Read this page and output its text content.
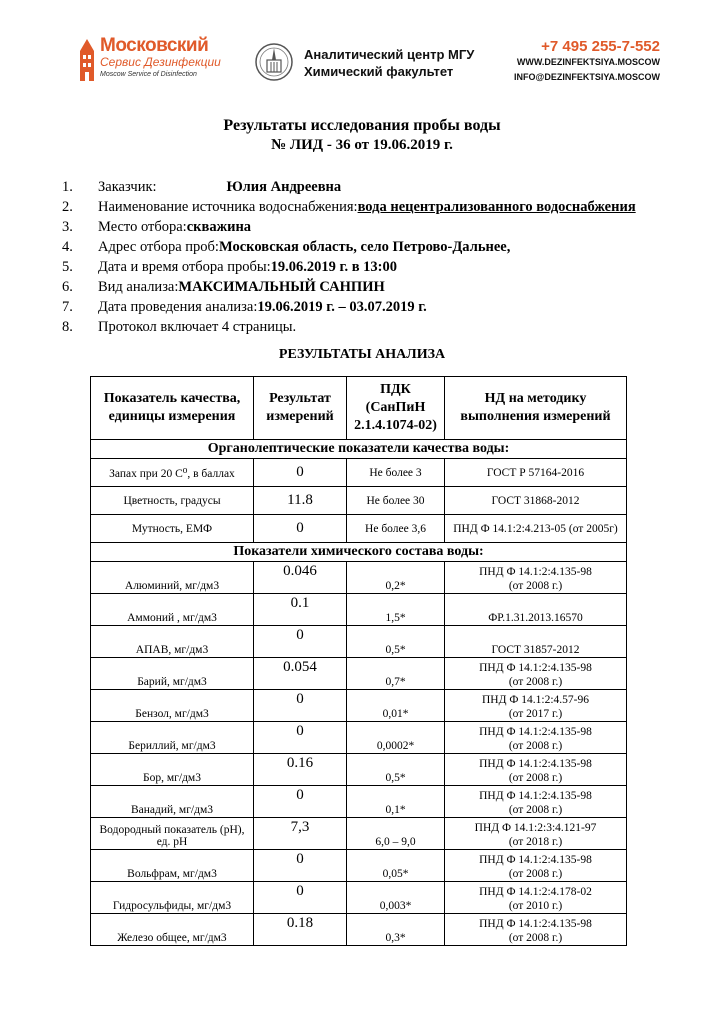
Московский
Сервис Дезинфекции
Moscow Service of Disinfection
Аналитический центр МГУ
Химический факультет
+7 495 255-7-552
WWW.DEZINFEKTSIYA.MOSCOW
INFO@DEZINFEKTSIYA.MOSCOW
Результаты исследования пробы воды
№ ЛИД - 36 от 19.06.2019 г.
1.	Заказчик:	Юлия Андреевна
2.	Наименование источника водоснабжения: вода нецентрализованного водоснабжения
3.	Место отбора: скважина
4.	Адрес отбора проб: Московская область, село Петрово-Дальнее,
5.	Дата и время отбора пробы: 19.06.2019 г. в 13:00
6.	Вид анализа: МАКСИМАЛЬНЫЙ САНПИН
7.	Дата проведения анализа: 19.06.2019 г. – 03.07.2019 г.
8.	Протокол включает 4 страницы.
РЕЗУЛЬТАТЫ АНАЛИЗА
Показатель качества, единицы измерения	Результат измерений	ПДК (СанПиН 2.1.4.1074-02)	НД на методику выполнения измерений
Органолептические показатели качества воды:			
Запах при 20 С⁰, в баллах	0	Не более 3	ГОСТ Р 57164-2016
Цветность, градусы	11.8	Не более 30	ГОСТ 31868-2012
Мутность, ЕМФ	0	Не более 3,6	ПНД Ф 14.1:2:4.213-05 (от 2005г)
Показатели химического состава воды:			
Алюминий, мг/дм3	0.046	0,2*	ПНД Ф 14.1:2:4.135-98
(от 2008 г.)

Аммоний , мг/дм3	0.1	1,5*	ФР.1.31.2013.16570

АПАВ, мг/дм3	0	0,5*	ГОСТ 31857-2012

Барий, мг/дм3	0.054	0,7*	ПНД Ф 14.1:2:4.135-98
(от 2008 г.)

Бензол, мг/дм3	0	0,01*	ПНД Ф 14.1:2:4.57-96
(от 2017 г.)

Бериллий, мг/дм3	0	0,0002*	ПНД Ф 14.1:2:4.135-98
(от 2008 г.)

Бор, мг/дм3	0.16	0,5*	ПНД Ф 14.1:2:4.135-98
(от 2008 г.)

Ванадий, мг/дм3	0	0,1*	ПНД Ф 14.1:2:4.135-98
(от 2008 г.)

Водородный показатель (рН), ед. рН	7,3	6,0 – 9,0	ПНД Ф 14.1:2:3:4.121-97
(от 2018 г.)

Вольфрам, мг/дм3	0	0,05*	ПНД Ф 14.1:2:4.135-98
(от 2008 г.)

Гидросульфиды, мг/дм3	0	0,003*	ПНД Ф 14.1:2:4.178-02
(от 2010 г.)

Железо общее, мг/дм3	0.18	0,3*	ПНД Ф 14.1:2:4.135-98
(от 2008 г.)
